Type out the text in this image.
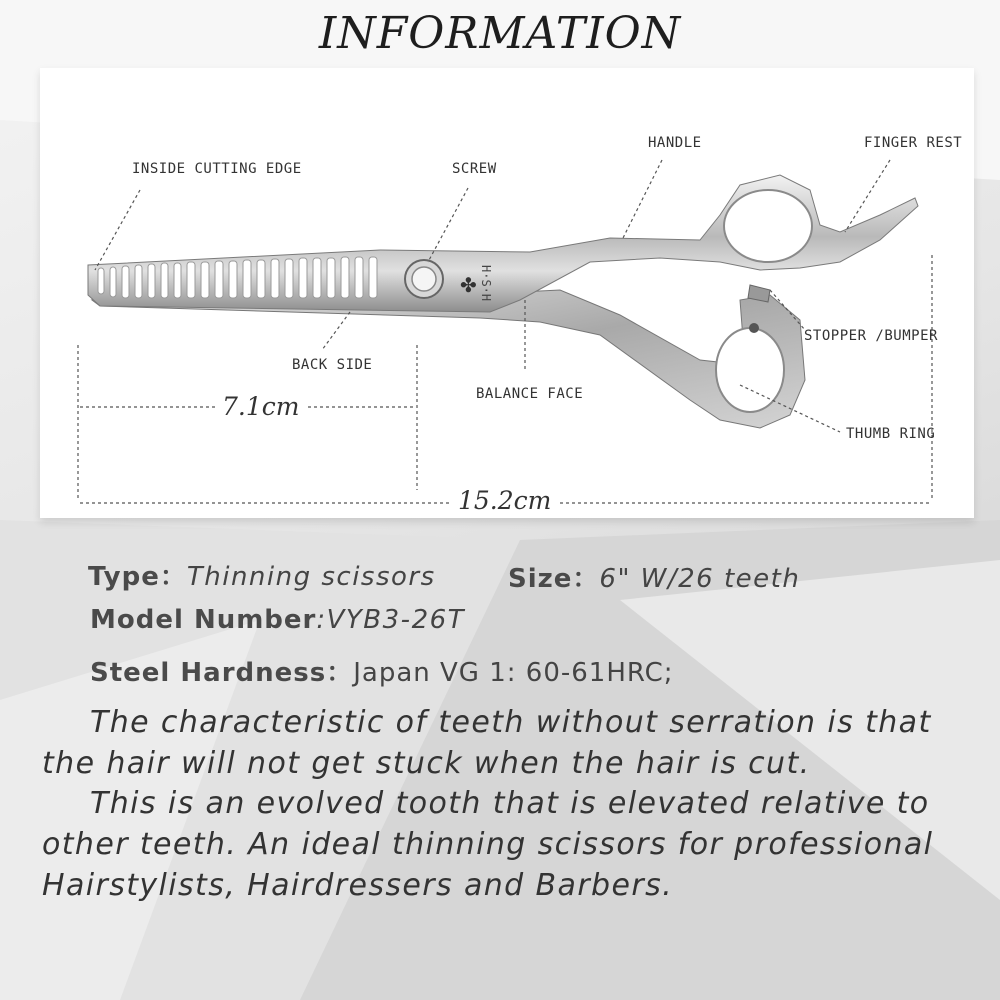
INFORMATION
H·S·H
✤
INSIDE CUTTING EDGE	SCREW
HANDLE	FINGER REST
BACK SIDE
BALANCE FACE
STOPPER /BUMPER
THUMB RING
7.1cm
15.2cm
Type：Thinning scissors	Size：6" W/26 teeth
Model Number:VYB3-26T
Steel Hardness：Japan VG 1: 60-61HRC;

The characteristic of teeth without serration is that the hair will not get stuck when the hair is cut.

This is an evolved tooth that is elevated relative to other teeth. An ideal thinning scissors for professional Hairstylists, Hairdressers and Barbers.
